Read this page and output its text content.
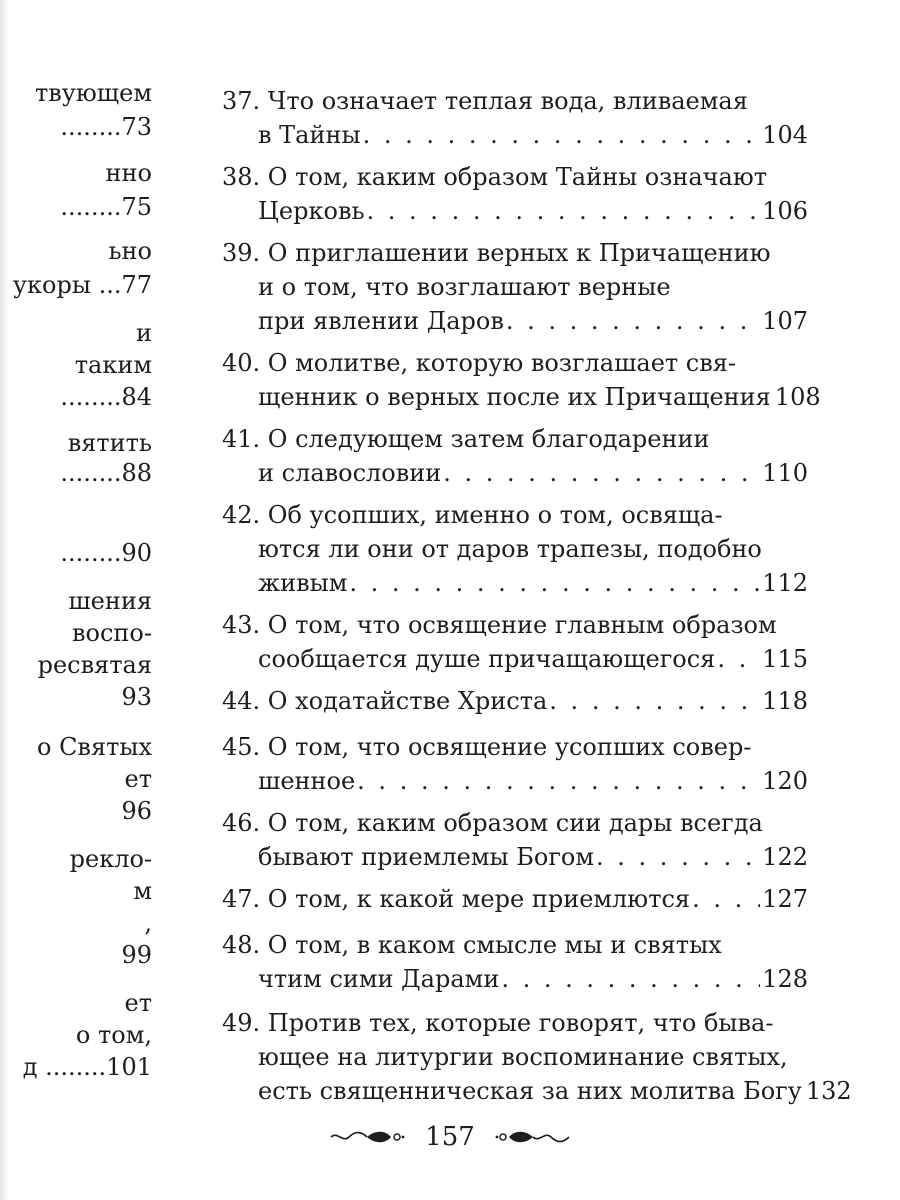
твующем
........73
нно
........75
ьно
укоры ...77
и
таким
........84
вятить
........88
........90
шения
воспо-
ресвятая
93
о Святых
ет
96
рекло-
м
,
99
ет
о том,
д ........101
37. Что означает теплая вода, вливаемая
в Тайны . . .	104
38. О том, каким образом Тайны означают
Церковь . . .	106
39. О приглашении верных к Причащению
и о том, что возглашают верные
при явлении Даров . . .	107
40. О молитве, которую возглашает свя-
щенник о верных после их Причащения 108
41. О следующем затем благодарении
и славословии . . .	110
42. Об усопших, именно о том, освяща-
ются ли они от даров трапезы, подобно
живым . . .	112
43. О том, что освящение главным образом
сообщается душе причащающегося . . . 115
44. О ходатайстве Христа . . .	118
45. О том, что освящение усопших совер-
шенное . . .	120
46. О том, каким образом сии дары всегда
бывают приемлемы Богом . . .	122
47. О том, к какой мере приемлются . . .	127
48. О том, в каком смысле мы и святых
чтим сими Дарами . . .	128
49. Против тех, которые говорят, что быва-
ющее на литургии воспоминание святых,
есть священническая за них молитва Богу 132
157
